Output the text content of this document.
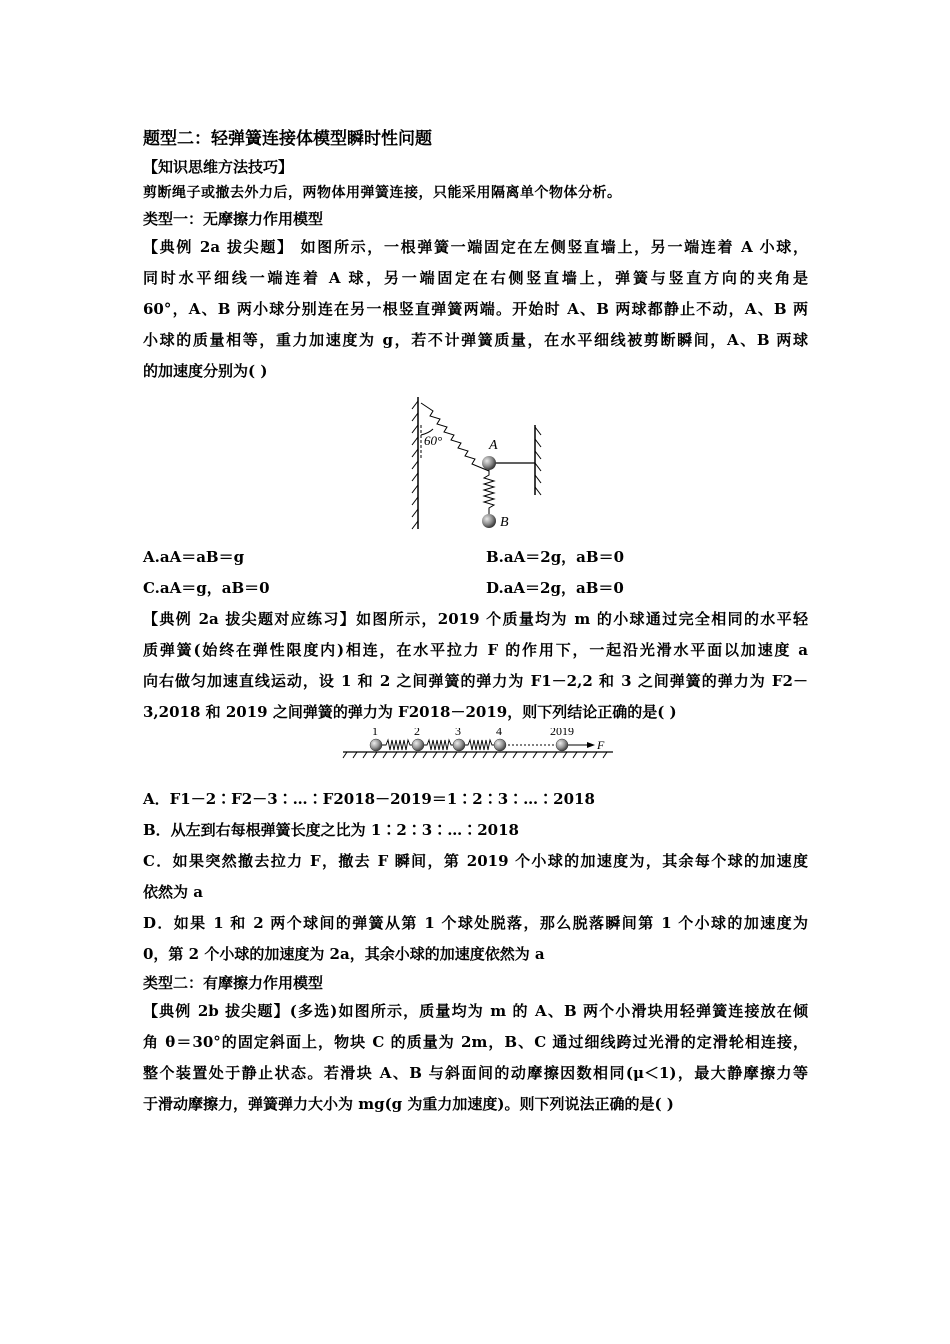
题型二：轻弹簧连接体模型瞬时性问题
【知识思维方法技巧】
剪断绳子或撤去外力后，两物体用弹簧连接，只能采用隔离单个物体分析。
类型一：无摩擦力作用模型
【典例 2a 拔尖题】 如图所示，一根弹簧一端固定在左侧竖直墙上，另一端连着 A 小球，
同时水平细线一端连着 A 球，另一端固定在右侧竖直墙上，弹簧与竖直方向的夹角是
60°，A、B 两小球分别连在另一根竖直弹簧两端。开始时 A、B 两球都静止不动，A、B 两
小球的质量相等，重力加速度为 g，若不计弹簧质量，在水平细线被剪断瞬间，A、B 两球
的加速度分别为( )
60°	A
B
A.aA＝aB＝g	B.aA＝2g，aB＝0
C.aA＝g，aB＝0	D.aA＝2g，aB＝0
【典例 2a 拔尖题对应练习】如图所示，2019 个质量均为 m 的小球通过完全相同的水平轻
质弹簧(始终在弹性限度内)相连，在水平拉力 F 的作用下，一起沿光滑水平面以加速度 a
向右做匀加速直线运动，设 1 和 2 之间弹簧的弹力为 F1－2,2 和 3 之间弹簧的弹力为 F2－
3,2018 和 2019 之间弹簧的弹力为 F2018－2019，则下列结论正确的是( )
1	2	3	4	2019
F
A．F1－2∶F2－3∶…∶F2018－2019＝1∶2∶3∶…∶2018
B．从左到右每根弹簧长度之比为 1∶2∶3∶…∶2018
C．如果突然撤去拉力 F，撤去 F 瞬间，第 2019 个小球的加速度为，其余每个球的加速度
依然为 a
D．如果 1 和 2 两个球间的弹簧从第 1 个球处脱落，那么脱落瞬间第 1 个小球的加速度为
0，第 2 个小球的加速度为 2a，其余小球的加速度依然为 a
类型二：有摩擦力作用模型
【典例 2b 拔尖题】(多选)如图所示，质量均为 m 的 A、B 两个小滑块用轻弹簧连接放在倾
角 θ＝30°的固定斜面上，物块 C 的质量为 2m，B、C 通过细线跨过光滑的定滑轮相连接，
整个装置处于静止状态。若滑块 A、B 与斜面间的动摩擦因数相同(μ＜1)，最大静摩擦力等
于滑动摩擦力，弹簧弹力大小为 mg(g 为重力加速度)。则下列说法正确的是( )
